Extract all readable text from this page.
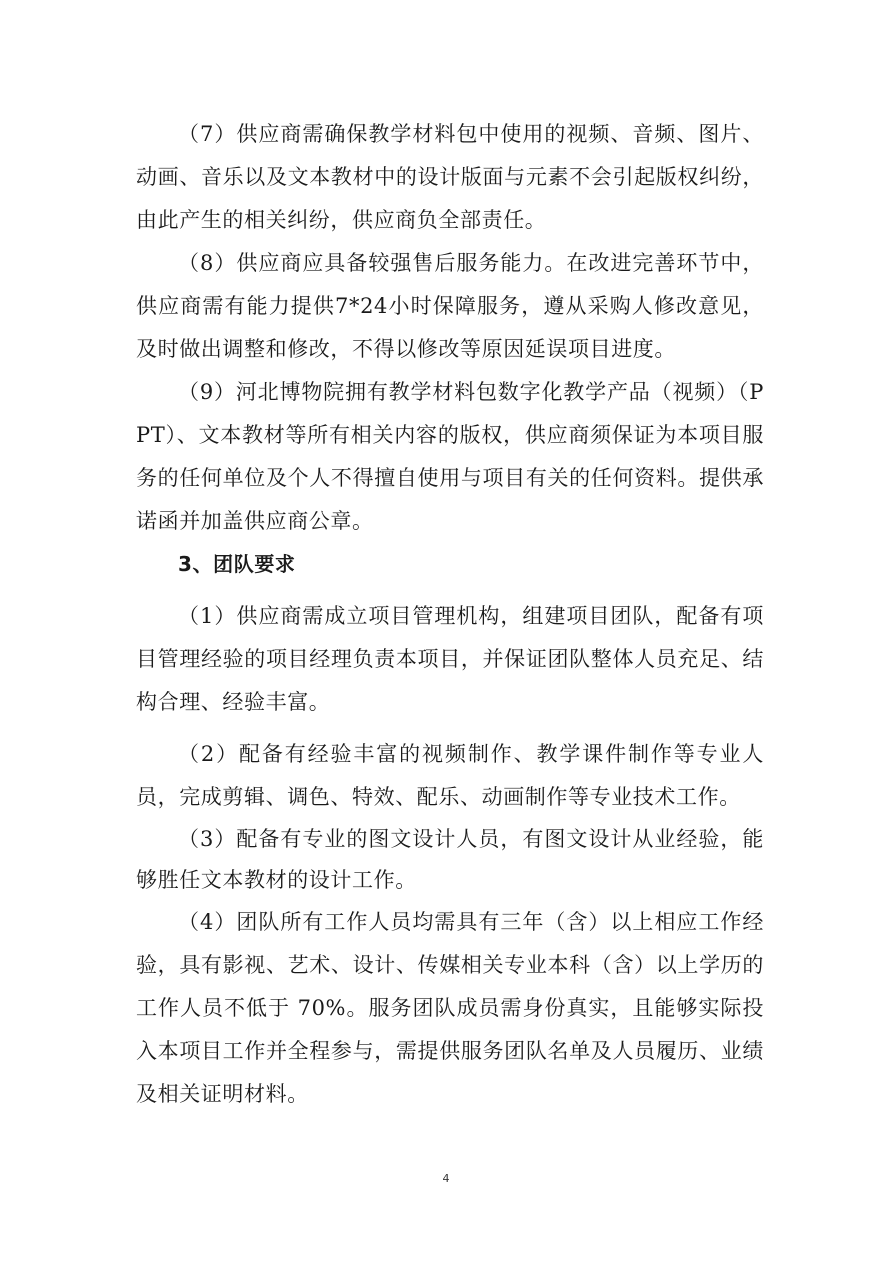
（7）供应商需确保教学材料包中使用的视频、音频、图片、动画、音乐以及文本教材中的设计版面与元素不会引起版权纠纷，由此产生的相关纠纷，供应商负全部责任。

（8）供应商应具备较强售后服务能力。在改进完善环节中，供应商需有能力提供7*24小时保障服务，遵从采购人修改意见，及时做出调整和修改，不得以修改等原因延误项目进度。

（9）河北博物院拥有教学材料包数字化教学产品（视频）（PPT）、文本教材等所有相关内容的版权，供应商须保证为本项目服务的任何单位及个人不得擅自使用与项目有关的任何资料。提供承诺函并加盖供应商公章。

3、团队要求

（1）供应商需成立项目管理机构，组建项目团队，配备有项目管理经验的项目经理负责本项目，并保证团队整体人员充足、结构合理、经验丰富。

（2）配备有经验丰富的视频制作、教学课件制作等专业人员，完成剪辑、调色、特效、配乐、动画制作等专业技术工作。

（3）配备有专业的图文设计人员，有图文设计从业经验，能够胜任文本教材的设计工作。

（4）团队所有工作人员均需具有三年（含）以上相应工作经验，具有影视、艺术、设计、传媒相关专业本科（含）以上学历的工作人员不低于 70%。服务团队成员需身份真实，且能够实际投入本项目工作并全程参与，需提供服务团队名单及人员履历、业绩及相关证明材料。

4
